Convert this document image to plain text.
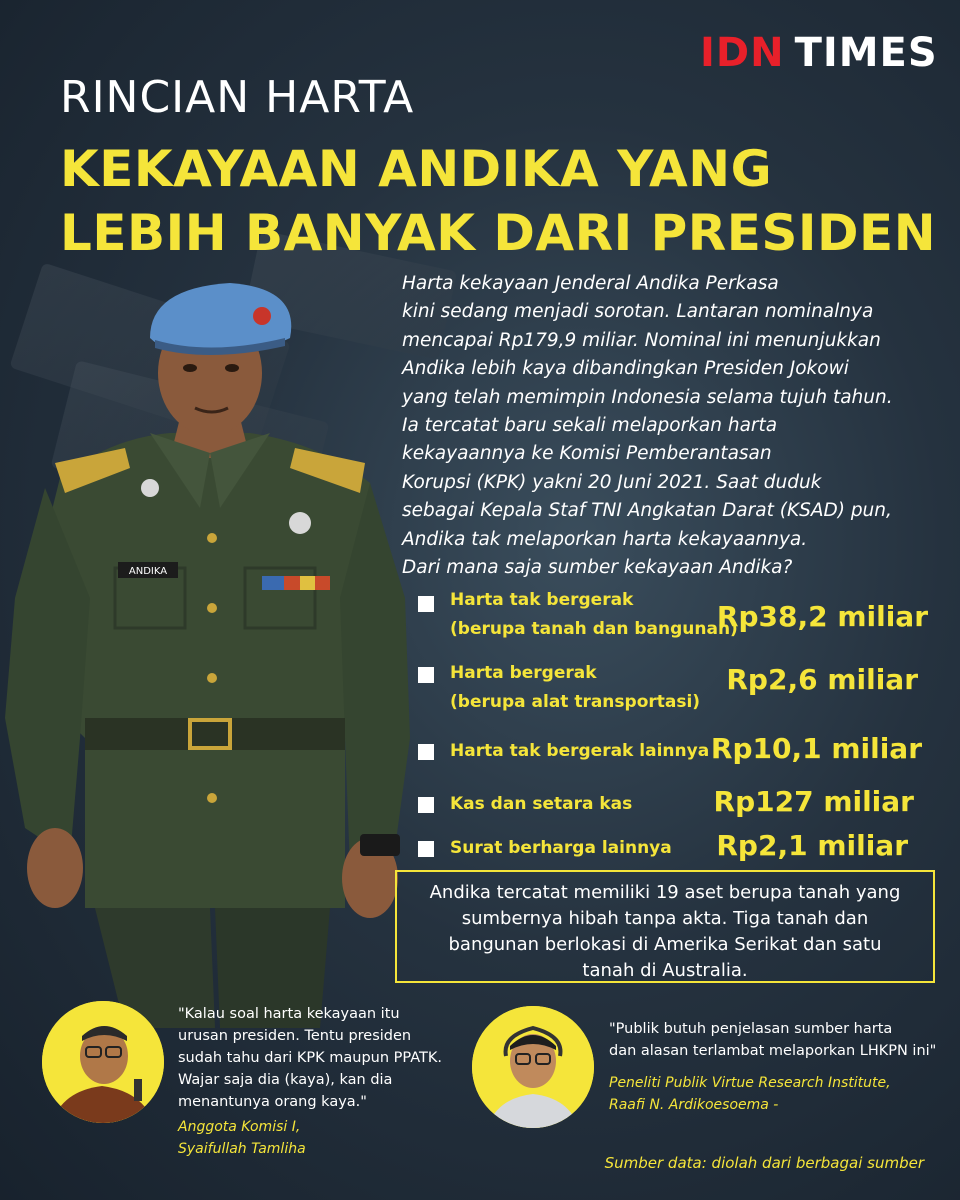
IDN TIMES
RINCIAN HARTA
KEKAYAAN ANDIKA YANG
LEBIH BANYAK DARI PRESIDEN
ANDIKA
Harta kekayaan Jenderal Andika Perkasa
kini sedang menjadi sorotan. Lantaran nominalnya
mencapai Rp179,9 miliar. Nominal ini menunjukkan
Andika lebih kaya dibandingkan Presiden Jokowi
yang telah memimpin Indonesia selama tujuh tahun.
Ia tercatat baru sekali melaporkan harta
kekayaannya ke Komisi Pemberantasan
Korupsi (KPK) yakni 20 Juni 2021. Saat duduk
sebagai Kepala Staf TNI Angkatan Darat (KSAD) pun,
Andika tak melaporkan harta kekayaannya.
Dari mana saja sumber kekayaan Andika?
Harta tak bergerak
(berupa tanah dan bangunan)
Rp38,2 miliar
Harta bergerak
(berupa alat transportasi)
Rp2,6 miliar
Harta tak bergerak lainnya Rp10,1 miliar
Kas dan setara kas	Rp127 miliar
Surat berharga lainnya Rp2,1 miliar
Andika tercatat memiliki 19 aset berupa tanah yang
sumbernya hibah tanpa akta. Tiga tanah dan
bangunan berlokasi di Amerika Serikat dan satu
tanah di Australia.
"Kalau soal harta kekayaan itu
urusan presiden. Tentu presiden
sudah tahu dari KPK maupun PPATK.
Wajar saja dia (kaya), kan dia
menantunya orang kaya."
Anggota Komisi I,
Syaifullah Tamliha
"Publik butuh penjelasan sumber harta
dan alasan terlambat melaporkan LHKPN ini"
Peneliti Publik Virtue Research Institute,
Raafi N. Ardikoesoema -
Sumber data: diolah dari berbagai sumber
